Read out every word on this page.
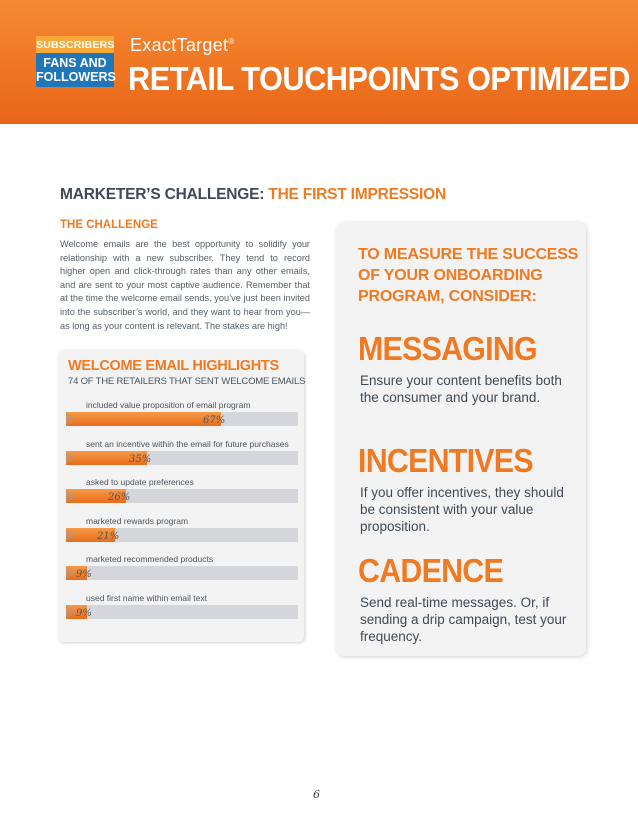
SUBSCRIBERS
FANS AND
FOLLOWERS
ExactTarget®
RETAIL TOUCHPOINTS OPTIMIZED
MARKETER’S CHALLENGE: THE FIRST IMPRESSION
THE CHALLENGE
Welcome emails are the best opportunity to solidify your relationship with a new subscriber. They tend to record higher open and click-through rates than any other emails, and are sent to your most captive audience. Remember that at the time the welcome email sends, you’ve just been invited into the subscriber’s world, and they want to hear from you—as long as your content is relevant. The stakes are high!
WELCOME EMAIL HIGHLIGHTS
74 OF THE RETAILERS THAT SENT WELCOME EMAILS
included value proposition of email program
67%
sent an incentive within the email for future purchases
35%
asked to update preferences
26%
marketed rewards program
21%
marketed recommended products
9%
used first name within email text
9%
TO MEASURE THE SUCCESS
OF YOUR ONBOARDING
PROGRAM, CONSIDER:
MESSAGING
Ensure your content benefits both the consumer and your brand.
INCENTIVES
If you offer incentives, they should be consistent with your value proposition.
CADENCE
Send real-time messages. Or, if sending a drip campaign, test your frequency.
6
